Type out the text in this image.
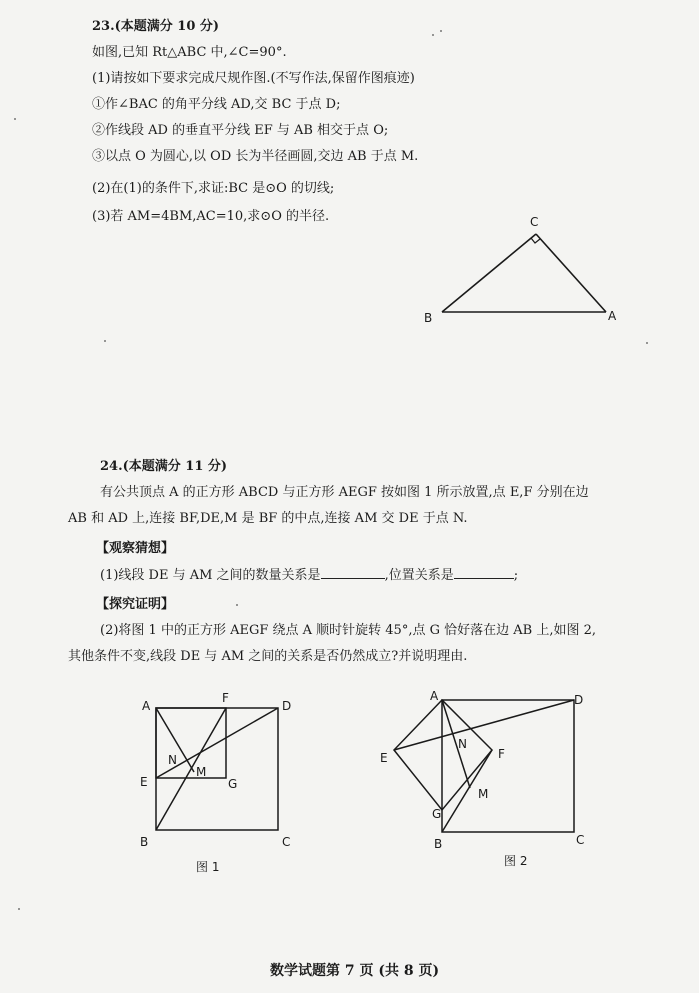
23.(本题满分 10 分)
如图,已知 Rt△ABC 中,∠C=90°.
(1)请按如下要求完成尺规作图.(不写作法,保留作图痕迹)
①作∠BAC 的角平分线 AD,交 BC 于点 D;
②作线段 AD 的垂直平分线 EF 与 AB 相交于点 O;
③以点 O 为圆心,以 OD 长为半径画圆,交边 AB 于点 M.
(2)在(1)的条件下,求证:BC 是⊙O 的切线;
(3)若 AM=4BM,AC=10,求⊙O 的半径.	C
B	A
24.(本题满分 11 分)
有公共顶点 A 的正方形 ABCD 与正方形 AEGF 按如图 1 所示放置,点 E,F 分别在边
AB 和 AD 上,连接 BF,DE,M 是 BF 的中点,连接 AM 交 DE 于点 N.
【观察猜想】
(1)线段 DE 与 AM 之间的数量关系是	,位置关系是	;
【探究证明】
(2)将图 1 中的正方形 AEGF 绕点 A 顺时针旋转 45°,点 G 恰好落在边 AB 上,如图 2,
其他条件不变,线段 DE 与 AM 之间的关系是否仍然成立?并说明理由.
A
F
D
N
M
E	G
B	C
图 1
A	D
N
E	F
M
G
B	C
图 2
数学试题第 7 页 (共 8 页)
